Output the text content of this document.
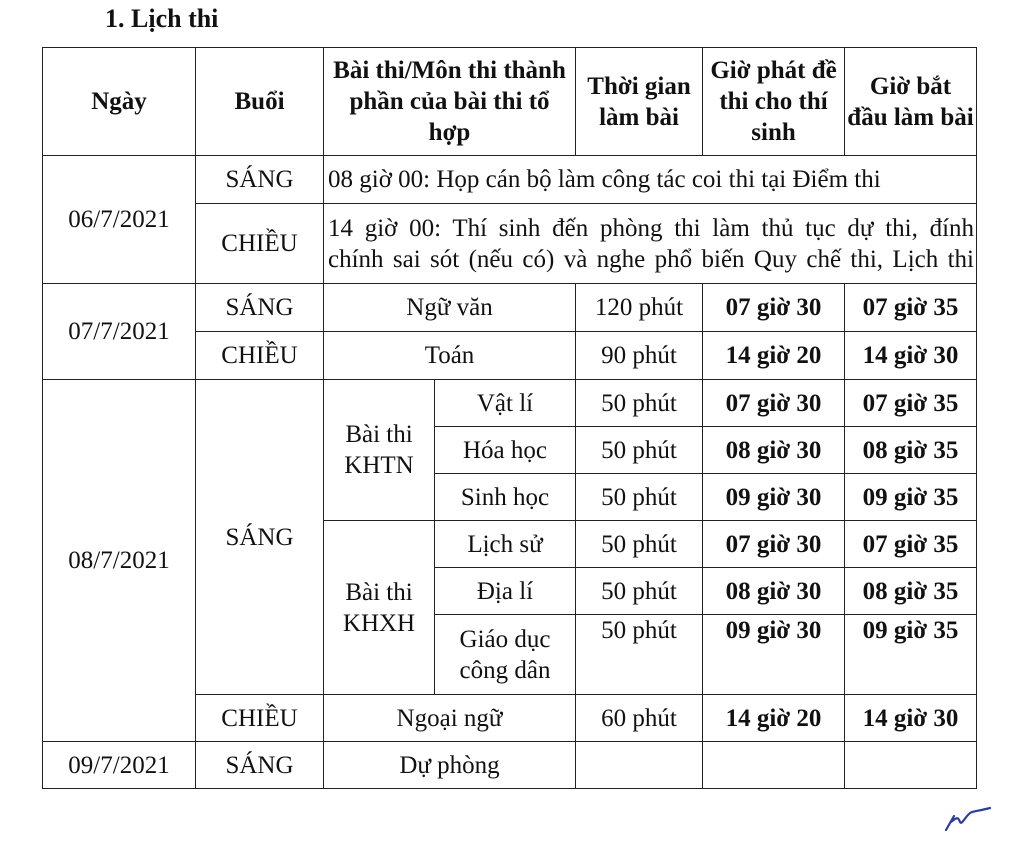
1. Lịch thi
Ngày	Buổi	Bài thi/Môn thi thành phần của bài thi tổ hợp		Thời gian làm bài	Giờ phát đề thi cho thí sinh	Giờ bắt đầu làm bài
06/7/2021	SÁNG	08 giờ 00: Họp cán bộ làm công tác coi thi tại Điểm thi				
	CHIỀU	14 giờ 00: Thí sinh đến phòng thi làm thủ tục dự thi, đính
chính sai sót (nếu có) và nghe phổ biến Quy chế thi, Lịch thi				

07/7/2021	SÁNG	Ngữ văn		120 phút	07 giờ 30	07 giờ 35
	CHIỀU	Toán		90 phút	14 giờ 20	14 giờ 30
08/7/2021	SÁNG	Bài thi
KHTN	Vật lí	50 phút	07 giờ 30	07 giờ 35
			Hóa học	50 phút	08 giờ 30	08 giờ 35
			Sinh học	50 phút	09 giờ 30	09 giờ 35

		Bài thi
KHXH	Lịch sử	50 phút	07 giờ 30	07 giờ 35
			Địa lí	50 phút	08 giờ 30	08 giờ 35
			Giáo dục công dân	50 phút	09 giờ 30	09 giờ 35
	CHIỀU	Ngoại ngữ		60 phút	14 giờ 20	14 giờ 30
09/7/2021	SÁNG	Dự phòng				
